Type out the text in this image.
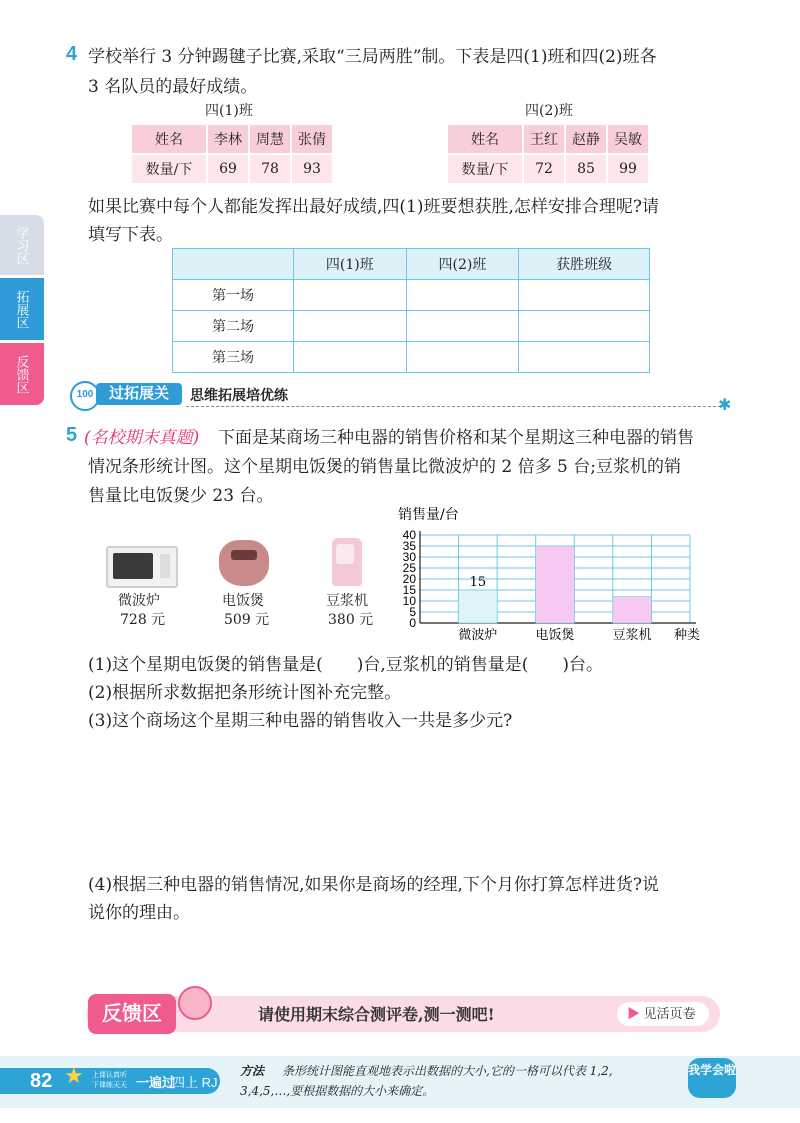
学习区
拓展区
反馈区
4 学校举行 3 分钟踢毽子比赛,采取“三局两胜”制。下表是四(1)班和四(2)班各
3 名队员的最好成绩。
四(1)班
姓名	李林	周慧	张倩
数量/下	69	78	93
四(2)班
姓名	王红	赵静	吴敏
数量/下	72	85	99
如果比赛中每个人都能发挥出最好成绩,四(1)班要想获胜,怎样安排合理呢?请
填写下表。
	四(1)班	四(2)班	获胜班级
第一场			
第二场			
第三场			
100	过拓展关	思维拓展培优练	✱
5 (名校期末真题) 下面是某商场三种电器的销售价格和某个星期这三种电器的销售
情况条形统计图。这个星期电饭煲的销售量比微波炉的 2 倍多 5 台;豆浆机的销
售量比电饭煲少 23 台。
微波炉
728 元
电饭煲
509 元
豆浆机
380 元
销售量/台
15
0
5
10
15
20
25
30
35
40
微波炉	电饭煲	豆浆机 种类
(1)这个星期电饭煲的销售量是(　　)台,豆浆机的销售量是(　　)台。
(2)根据所求数据把条形统计图补充完整。
(3)这个商场这个星期三种电器的销售收入一共是多少元?
(4)根据三种电器的销售情况,如果你是商场的经理,下个月你打算怎样进货?说
说你的理由。
反馈区	请使用期末综合测评卷,测一测吧!	▶ 见活页卷
82 ★ 上课认真听
下课练天天 一遍过
四上 RJ
方法 条形统计图能直观地表示出数据的大小,它的一格可以代表 1,2,
3,4,5,…,要根据数据的大小来确定。
我学会啦
